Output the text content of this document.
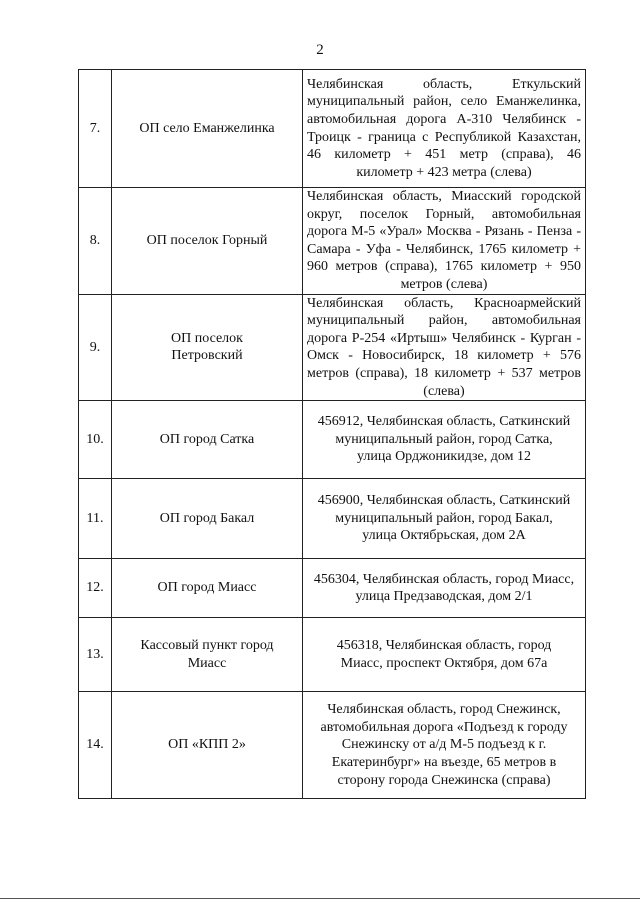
2
7.	ОП село Еманжелинка	Челябинская область, Еткульский муниципальный район, село Еманжелинка, автомобильная дорога А-310 Челябинск - Троицк - граница с Республикой Казахстан, 46 километр + 451 метр (справа), 46 километр + 423 метра (слева)
8.	ОП поселок Горный	Челябинская область, Миасский городской округ, поселок Горный, автомобильная дорога М-5 «Урал» Москва - Рязань - Пенза - Самара - Уфа - Челябинск, 1765 километр + 960 метров (справа), 1765 километр + 950 метров (слева)
9.	ОП поселок Петровский	Челябинская область, Красноармейский муниципальный район, автомобильная дорога Р-254 «Иртыш» Челябинск - Курган - Омск - Новосибирск, 18 километр + 576 метров (справа), 18 километр + 537 метров (слева)
10.	ОП город Сатка	456912, Челябинская область, Саткинский муниципальный район, город Сатка, улица Орджоникидзе, дом 12
11.	ОП город Бакал	456900, Челябинская область, Саткинский муниципальный район, город Бакал, улица Октябрьская, дом 2А
12.	ОП город Миасс	456304, Челябинская область, город Миасс, улица Предзаводская, дом 2/1
13.	Кассовый пункт город Миасс	456318, Челябинская область, город Миасс, проспект Октября, дом 67а
14.	ОП «КПП 2»	Челябинская область, город Снежинск, автомобильная дорога «Подъезд к городу Снежинску от а/д М-5 подъезд к г. Екатеринбург» на въезде, 65 метров в сторону города Снежинска (справа)
